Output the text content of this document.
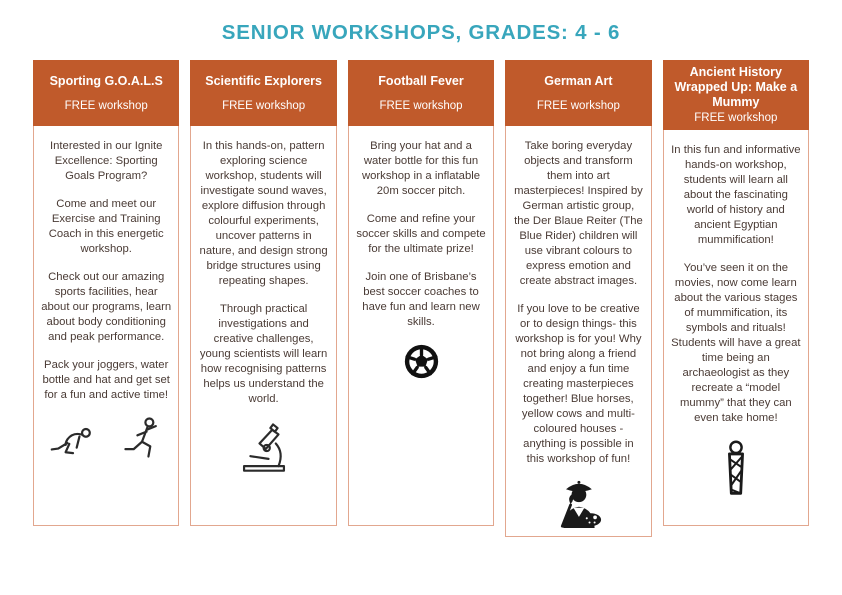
SENIOR WORKSHOPS, GRADES: 4 - 6
Sporting G.O.A.L.S
FREE workshop

Interested in our Ignite Excellence: Sporting Goals Program?

Come and meet our Exercise and Training Coach in this energetic workshop.

Check out our amazing sports facilities, hear about our programs, learn about body conditioning and peak performance.

Pack your joggers, water bottle and hat and get set for a fun and active time!

Scientific Explorers
FREE workshop

In this hands-on, pattern exploring science workshop, students will investigate sound waves, explore diffusion through colourful experiments, uncover patterns in nature, and design strong bridge structures using repeating shapes.

Through practical investigations and creative challenges, young scientists will learn how recognising patterns helps us understand the world.

Football Fever
FREE workshop

Bring your hat and a water bottle for this fun workshop in a inflatable 20m soccer pitch.

Come and refine your soccer skills and compete for the ultimate prize!

Join one of Brisbane’s best soccer coaches to have fun and learn new skills.

German Art
FREE workshop

Take boring everyday objects and transform them into art masterpieces! Inspired by German artistic group, the Der Blaue Reiter (The Blue Rider) children will use vibrant colours to express emotion and create abstract images.

If you love to be creative or to design things- this workshop is for you! Why not bring along a friend and enjoy a fun time creating masterpieces together! Blue horses, yellow cows and multi-coloured houses - anything is possible in this workshop of fun!

Ancient History Wrapped Up: Make a Mummy
FREE workshop

In this fun and informative hands-on workshop, students will learn all about the fascinating world of history and ancient Egyptian mummification!

You’ve seen it on the movies, now come learn about the various stages of mummification, its symbols and rituals! Students will have a great time being an archaeologist as they recreate a “model mummy” that they can even take home!
